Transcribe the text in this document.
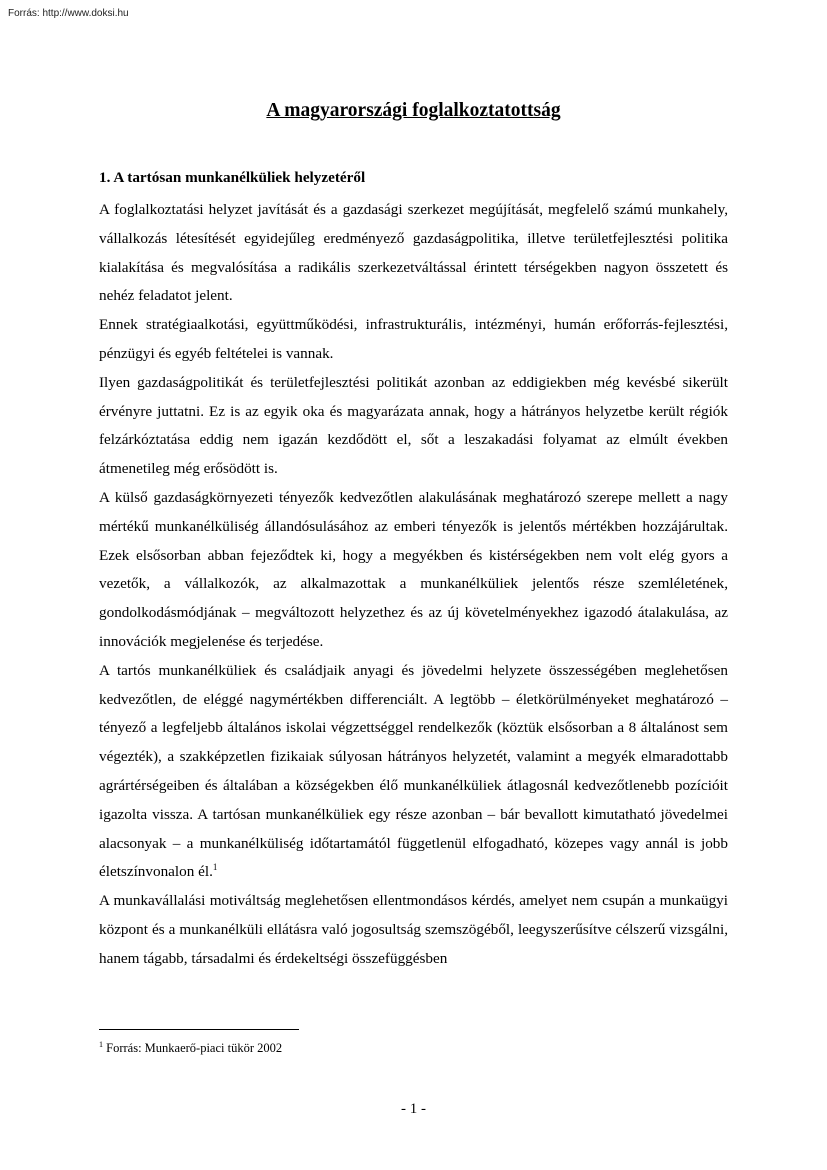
Forrás: http://www.doksi.hu
A magyarországi foglalkoztatottság
1. A tartósan munkanélküliek helyzetéről

A foglalkoztatási helyzet javítását és a gazdasági szerkezet megújítását, megfelelő számú munkahely, vállalkozás létesítését egyidejűleg eredményező gazdaságpolitika, illetve területfejlesztési politika kialakítása és megvalósítása a radikális szerkezetváltással érintett térségekben nagyon összetett és nehéz feladatot jelent.

Ennek stratégiaalkotási, együttműködési, infrastrukturális, intézményi, humán erőforrás-fejlesztési, pénzügyi és egyéb feltételei is vannak.

Ilyen gazdaságpolitikát és területfejlesztési politikát azonban az eddigiekben még kevésbé sikerült érvényre juttatni. Ez is az egyik oka és magyarázata annak, hogy a hátrányos helyzetbe került régiók felzárkóztatása eddig nem igazán kezdődött el, sőt a leszakadási folyamat az elmúlt években átmenetileg még erősödött is.

A külső gazdaságkörnyezeti tényezők kedvezőtlen alakulásának meghatározó szerepe mellett a nagy mértékű munkanélküliség állandósulásához az emberi tényezők is jelentős mértékben hozzájárultak. Ezek elsősorban abban fejeződtek ki, hogy a megyékben és kistérségekben nem volt elég gyors a vezetők, a vállalkozók, az alkalmazottak a munkanélküliek jelentős része szemléletének, gondolkodásmódjának – megváltozott helyzethez és az új követelményekhez igazodó átalakulása, az innovációk megjelenése és terjedése.

A tartós munkanélküliek és családjaik anyagi és jövedelmi helyzete összességében meglehetősen kedvezőtlen, de eléggé nagymértékben differenciált. A legtöbb – életkörülményeket meghatározó – tényező a legfeljebb általános iskolai végzettséggel rendelkezők (köztük elsősorban a 8 általánost sem végezték), a szakképzetlen fizikaiak súlyosan hátrányos helyzetét, valamint a megyék elmaradottabb agrártérségeiben és általában a községekben élő munkanélküliek átlagosnál kedvezőtlenebb pozícióit igazolta vissza. A tartósan munkanélküliek egy része azonban – bár bevallott kimutatható jövedelmei alacsonyak – a munkanélküliség időtartamától függetlenül elfogadható, közepes vagy annál is jobb életszínvonalon él.$^1$

A munkavállalási motiváltság meglehetősen ellentmondásos kérdés, amelyet nem csupán a munkaügyi központ és a munkanélküli ellátásra való jogosultság szemszögéből, leegyszerűsítve célszerű vizsgálni, hanem tágabb, társadalmi és érdekeltségi összefüggésben

$^1$ Forrás: Munkaerő-piaci tükör 2002

- 1 -
